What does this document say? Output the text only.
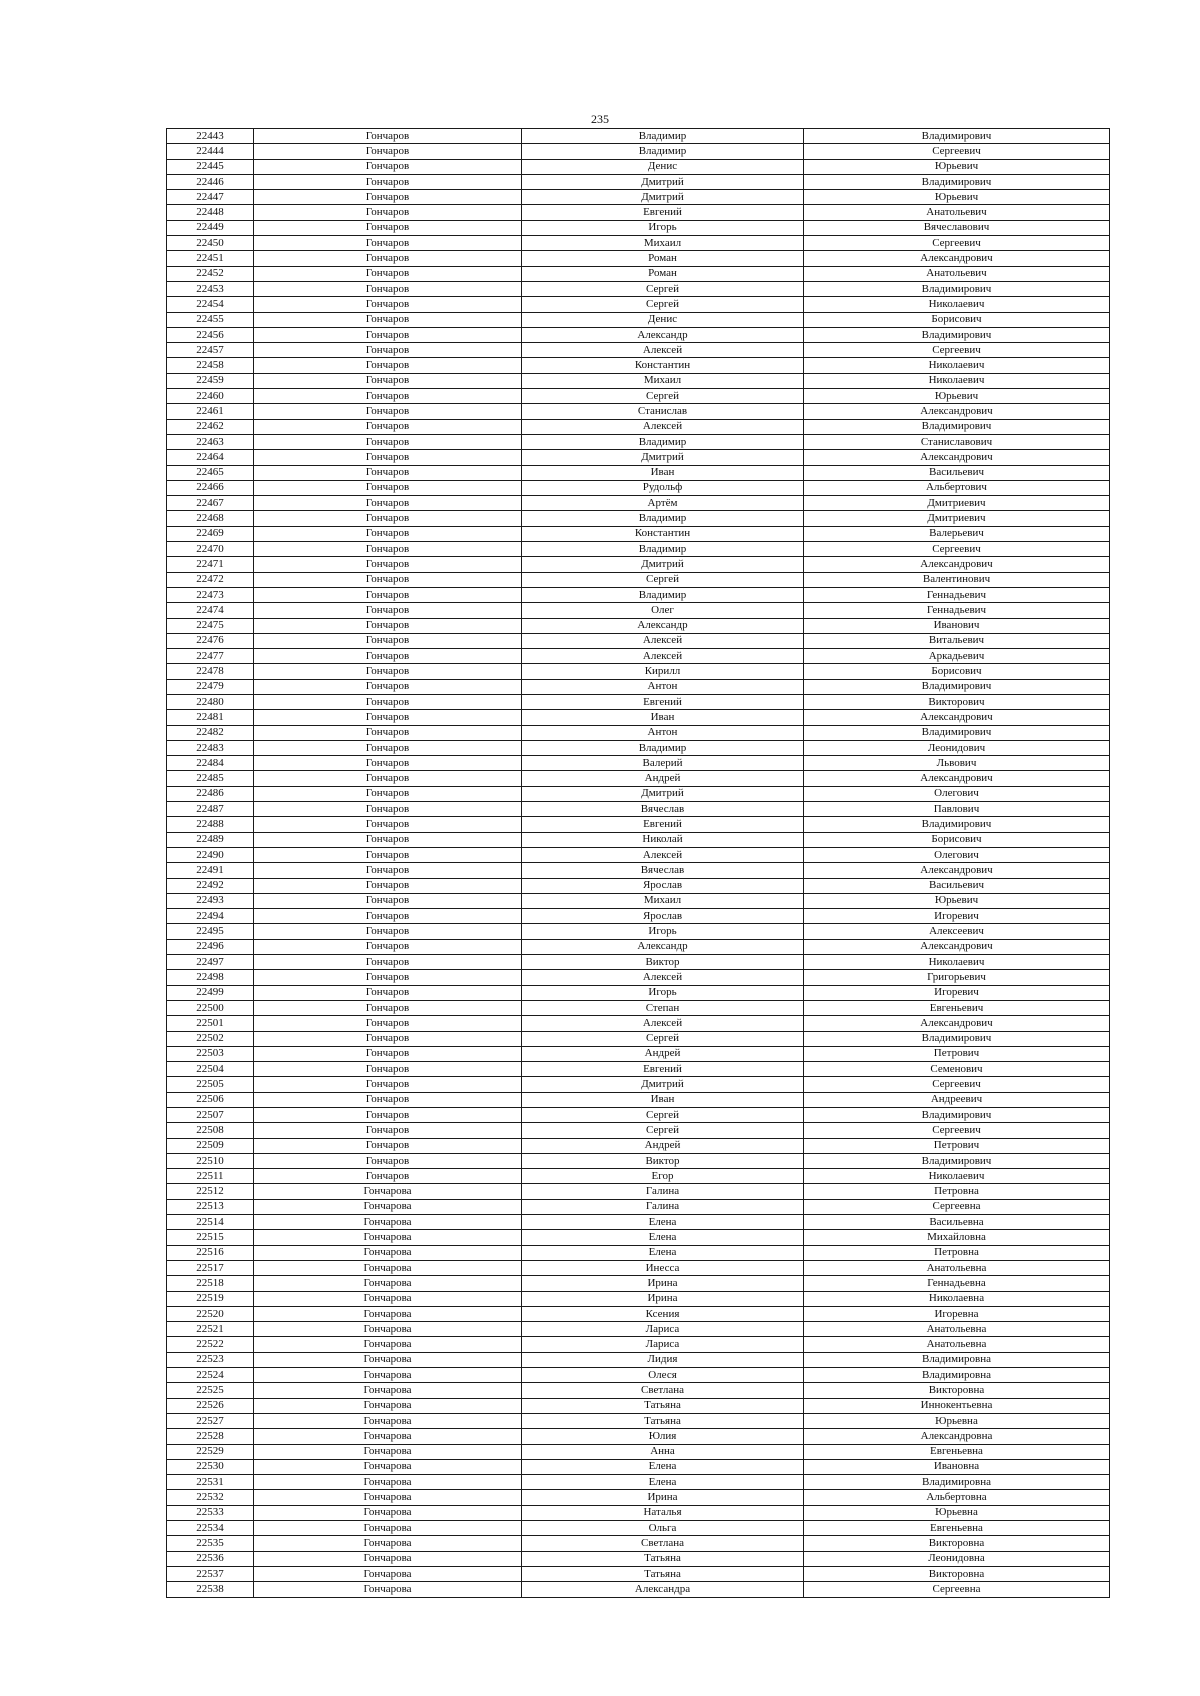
235
22443	Гончаров	Владимир	Владимирович
22444	Гончаров	Владимир	Сергеевич
22445	Гончаров	Денис	Юрьевич
22446	Гончаров	Дмитрий	Владимирович
22447	Гончаров	Дмитрий	Юрьевич
22448	Гончаров	Евгений	Анатольевич
22449	Гончаров	Игорь	Вячеславович
22450	Гончаров	Михаил	Сергеевич
22451	Гончаров	Роман	Александрович
22452	Гончаров	Роман	Анатольевич
22453	Гончаров	Сергей	Владимирович
22454	Гончаров	Сергей	Николаевич
22455	Гончаров	Денис	Борисович
22456	Гончаров	Александр	Владимирович
22457	Гончаров	Алексей	Сергеевич
22458	Гончаров	Константин	Николаевич
22459	Гончаров	Михаил	Николаевич
22460	Гончаров	Сергей	Юрьевич
22461	Гончаров	Станислав	Александрович
22462	Гончаров	Алексей	Владимирович
22463	Гончаров	Владимир	Станиславович
22464	Гончаров	Дмитрий	Александрович
22465	Гончаров	Иван	Васильевич
22466	Гончаров	Рудольф	Альбертович
22467	Гончаров	Артём	Дмитриевич
22468	Гончаров	Владимир	Дмитриевич
22469	Гончаров	Константин	Валерьевич
22470	Гончаров	Владимир	Сергеевич
22471	Гончаров	Дмитрий	Александрович
22472	Гончаров	Сергей	Валентинович
22473	Гончаров	Владимир	Геннадьевич
22474	Гончаров	Олег	Геннадьевич
22475	Гончаров	Александр	Иванович
22476	Гончаров	Алексей	Витальевич
22477	Гончаров	Алексей	Аркадьевич
22478	Гончаров	Кирилл	Борисович
22479	Гончаров	Антон	Владимирович
22480	Гончаров	Евгений	Викторович
22481	Гончаров	Иван	Александрович
22482	Гончаров	Антон	Владимирович
22483	Гончаров	Владимир	Леонидович
22484	Гончаров	Валерий	Львович
22485	Гончаров	Андрей	Александрович
22486	Гончаров	Дмитрий	Олегович
22487	Гончаров	Вячеслав	Павлович
22488	Гончаров	Евгений	Владимирович
22489	Гончаров	Николай	Борисович
22490	Гончаров	Алексей	Олегович
22491	Гончаров	Вячеслав	Александрович
22492	Гончаров	Ярослав	Васильевич
22493	Гончаров	Михаил	Юрьевич
22494	Гончаров	Ярослав	Игоревич
22495	Гончаров	Игорь	Алексеевич
22496	Гончаров	Александр	Александрович
22497	Гончаров	Виктор	Николаевич
22498	Гончаров	Алексей	Григорьевич
22499	Гончаров	Игорь	Игоревич
22500	Гончаров	Степан	Евгеньевич
22501	Гончаров	Алексей	Александрович
22502	Гончаров	Сергей	Владимирович
22503	Гончаров	Андрей	Петрович
22504	Гончаров	Евгений	Семенович
22505	Гончаров	Дмитрий	Сергеевич
22506	Гончаров	Иван	Андреевич
22507	Гончаров	Сергей	Владимирович
22508	Гончаров	Сергей	Сергеевич
22509	Гончаров	Андрей	Петрович
22510	Гончаров	Виктор	Владимирович
22511	Гончаров	Егор	Николаевич
22512	Гончарова	Галина	Петровна
22513	Гончарова	Галина	Сергеевна
22514	Гончарова	Елена	Васильевна
22515	Гончарова	Елена	Михайловна
22516	Гончарова	Елена	Петровна
22517	Гончарова	Инесса	Анатольевна
22518	Гончарова	Ирина	Геннадьевна
22519	Гончарова	Ирина	Николаевна
22520	Гончарова	Ксения	Игоревна
22521	Гончарова	Лариса	Анатольевна
22522	Гончарова	Лариса	Анатольевна
22523	Гончарова	Лидия	Владимировна
22524	Гончарова	Олеся	Владимировна
22525	Гончарова	Светлана	Викторовна
22526	Гончарова	Татьяна	Иннокентьевна
22527	Гончарова	Татьяна	Юрьевна
22528	Гончарова	Юлия	Александровна
22529	Гончарова	Анна	Евгеньевна
22530	Гончарова	Елена	Ивановна
22531	Гончарова	Елена	Владимировна
22532	Гончарова	Ирина	Альбертовна
22533	Гончарова	Наталья	Юрьевна
22534	Гончарова	Ольга	Евгеньевна
22535	Гончарова	Светлана	Викторовна
22536	Гончарова	Татьяна	Леонидовна
22537	Гончарова	Татьяна	Викторовна
22538	Гончарова	Александра	Сергеевна
